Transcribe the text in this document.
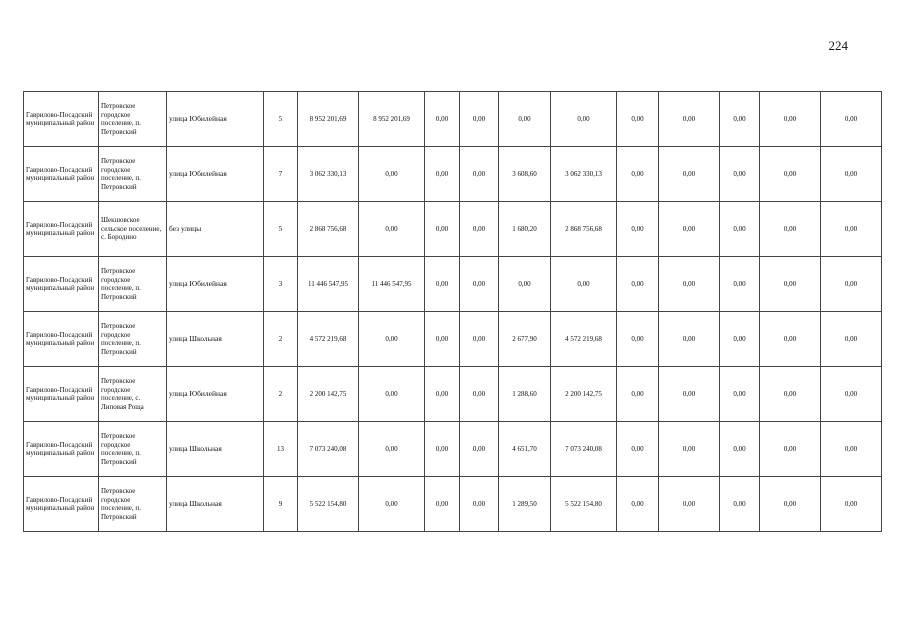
224
Гаврилово-Посадский муниципальный район	Петровское городское поселение, п. Петровский	улица Юбилейная	5	8 952 201,69	8 952 201,69	0,00	0,00	0,00	0,00	0,00	0,00	0,00	0,00	0,00
Гаврилово-Посадский муниципальный район	Петровское городское поселение, п. Петровский	улица Юбилейная	7	3 062 330,13	0,00	0,00	0,00	3 608,60	3 062 330,13	0,00	0,00	0,00	0,00	0,00
Гаврилово-Посадский муниципальный район	Шекшовское сельское поселение, с. Бородино	без улицы	5	2 868 756,68	0,00	0,00	0,00	1 680,20	2 868 756,68	0,00	0,00	0,00	0,00	0,00
Гаврилово-Посадский муниципальный район	Петровское городское поселение, п. Петровский	улица Юбилейная	3	11 446 547,95	11 446 547,95	0,00	0,00	0,00	0,00	0,00	0,00	0,00	0,00	0,00
Гаврилово-Посадский муниципальный район	Петровское городское поселение, п. Петровский	улица Школьная	2	4 572 219,68	0,00	0,00	0,00	2 677,90	4 572 219,68	0,00	0,00	0,00	0,00	0,00
Гаврилово-Посадский муниципальный район	Петровское городское поселение, с. Липовая Роща	улица Юбилейная	2	2 200 142,75	0,00	0,00	0,00	1 288,60	2 200 142,75	0,00	0,00	0,00	0,00	0,00
Гаврилово-Посадский муниципальный район	Петровское городское поселение, п. Петровский	улица Школьная	13	7 073 240,08	0,00	0,00	0,00	4 651,70	7 073 240,08	0,00	0,00	0,00	0,00	0,00
Гаврилово-Посадский муниципальный район	Петровское городское поселение, п. Петровский	улица Школьная	9	5 522 154,80	0,00	0,00	0,00	1 289,50	5 522 154,80	0,00	0,00	0,00	0,00	0,00
